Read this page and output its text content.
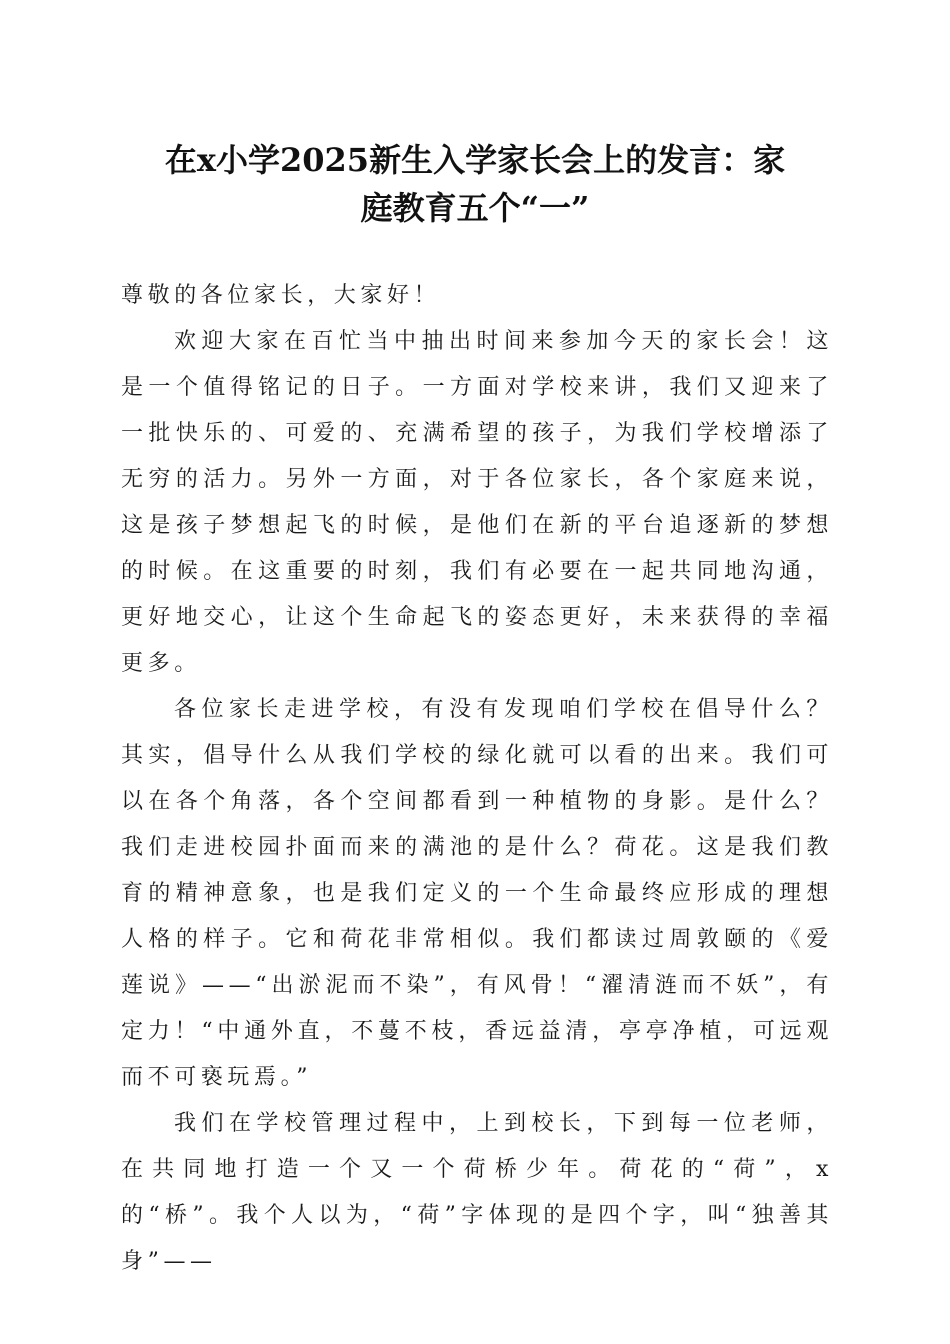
在x小学2025新生入学家长会上的发言：家
庭教育五个“一”

尊敬的各位家长，大家好！

欢迎大家在百忙当中抽出时间来参加今天的家长会！这是一个值得铭记的日子。一方面对学校来讲，我们又迎来了一批快乐的、可爱的、充满希望的孩子，为我们学校增添了无穷的活力。另外一方面，对于各位家长，各个家庭来说，这是孩子梦想起飞的时候，是他们在新的平台追逐新的梦想的时候。在这重要的时刻，我们有必要在一起共同地沟通，更好地交心，让这个生命起飞的姿态更好，未来获得的幸福更多。

各位家长走进学校，有没有发现咱们学校在倡导什么？其实，倡导什么从我们学校的绿化就可以看的出来。我们可以在各个角落，各个空间都看到一种植物的身影。是什么？我们走进校园扑面而来的满池的是什么？荷花。这是我们教育的精神意象，也是我们定义的一个生命最终应形成的理想人格的样子。它和荷花非常相似。我们都读过周敦颐的《爱莲说》——“出淤泥而不染”，有风骨！“濯清涟而不妖”，有定力！“中通外直，不蔓不枝，香远益清，亭亭净植，可远观而不可亵玩焉。”

我们在学校管理过程中，上到校长，下到每一位老师，在共同地打造一个又一个荷桥少年。荷花的“荷”，x的“桥”。我个人以为，“荷”字体现的是四个字，叫“独善其身”——
